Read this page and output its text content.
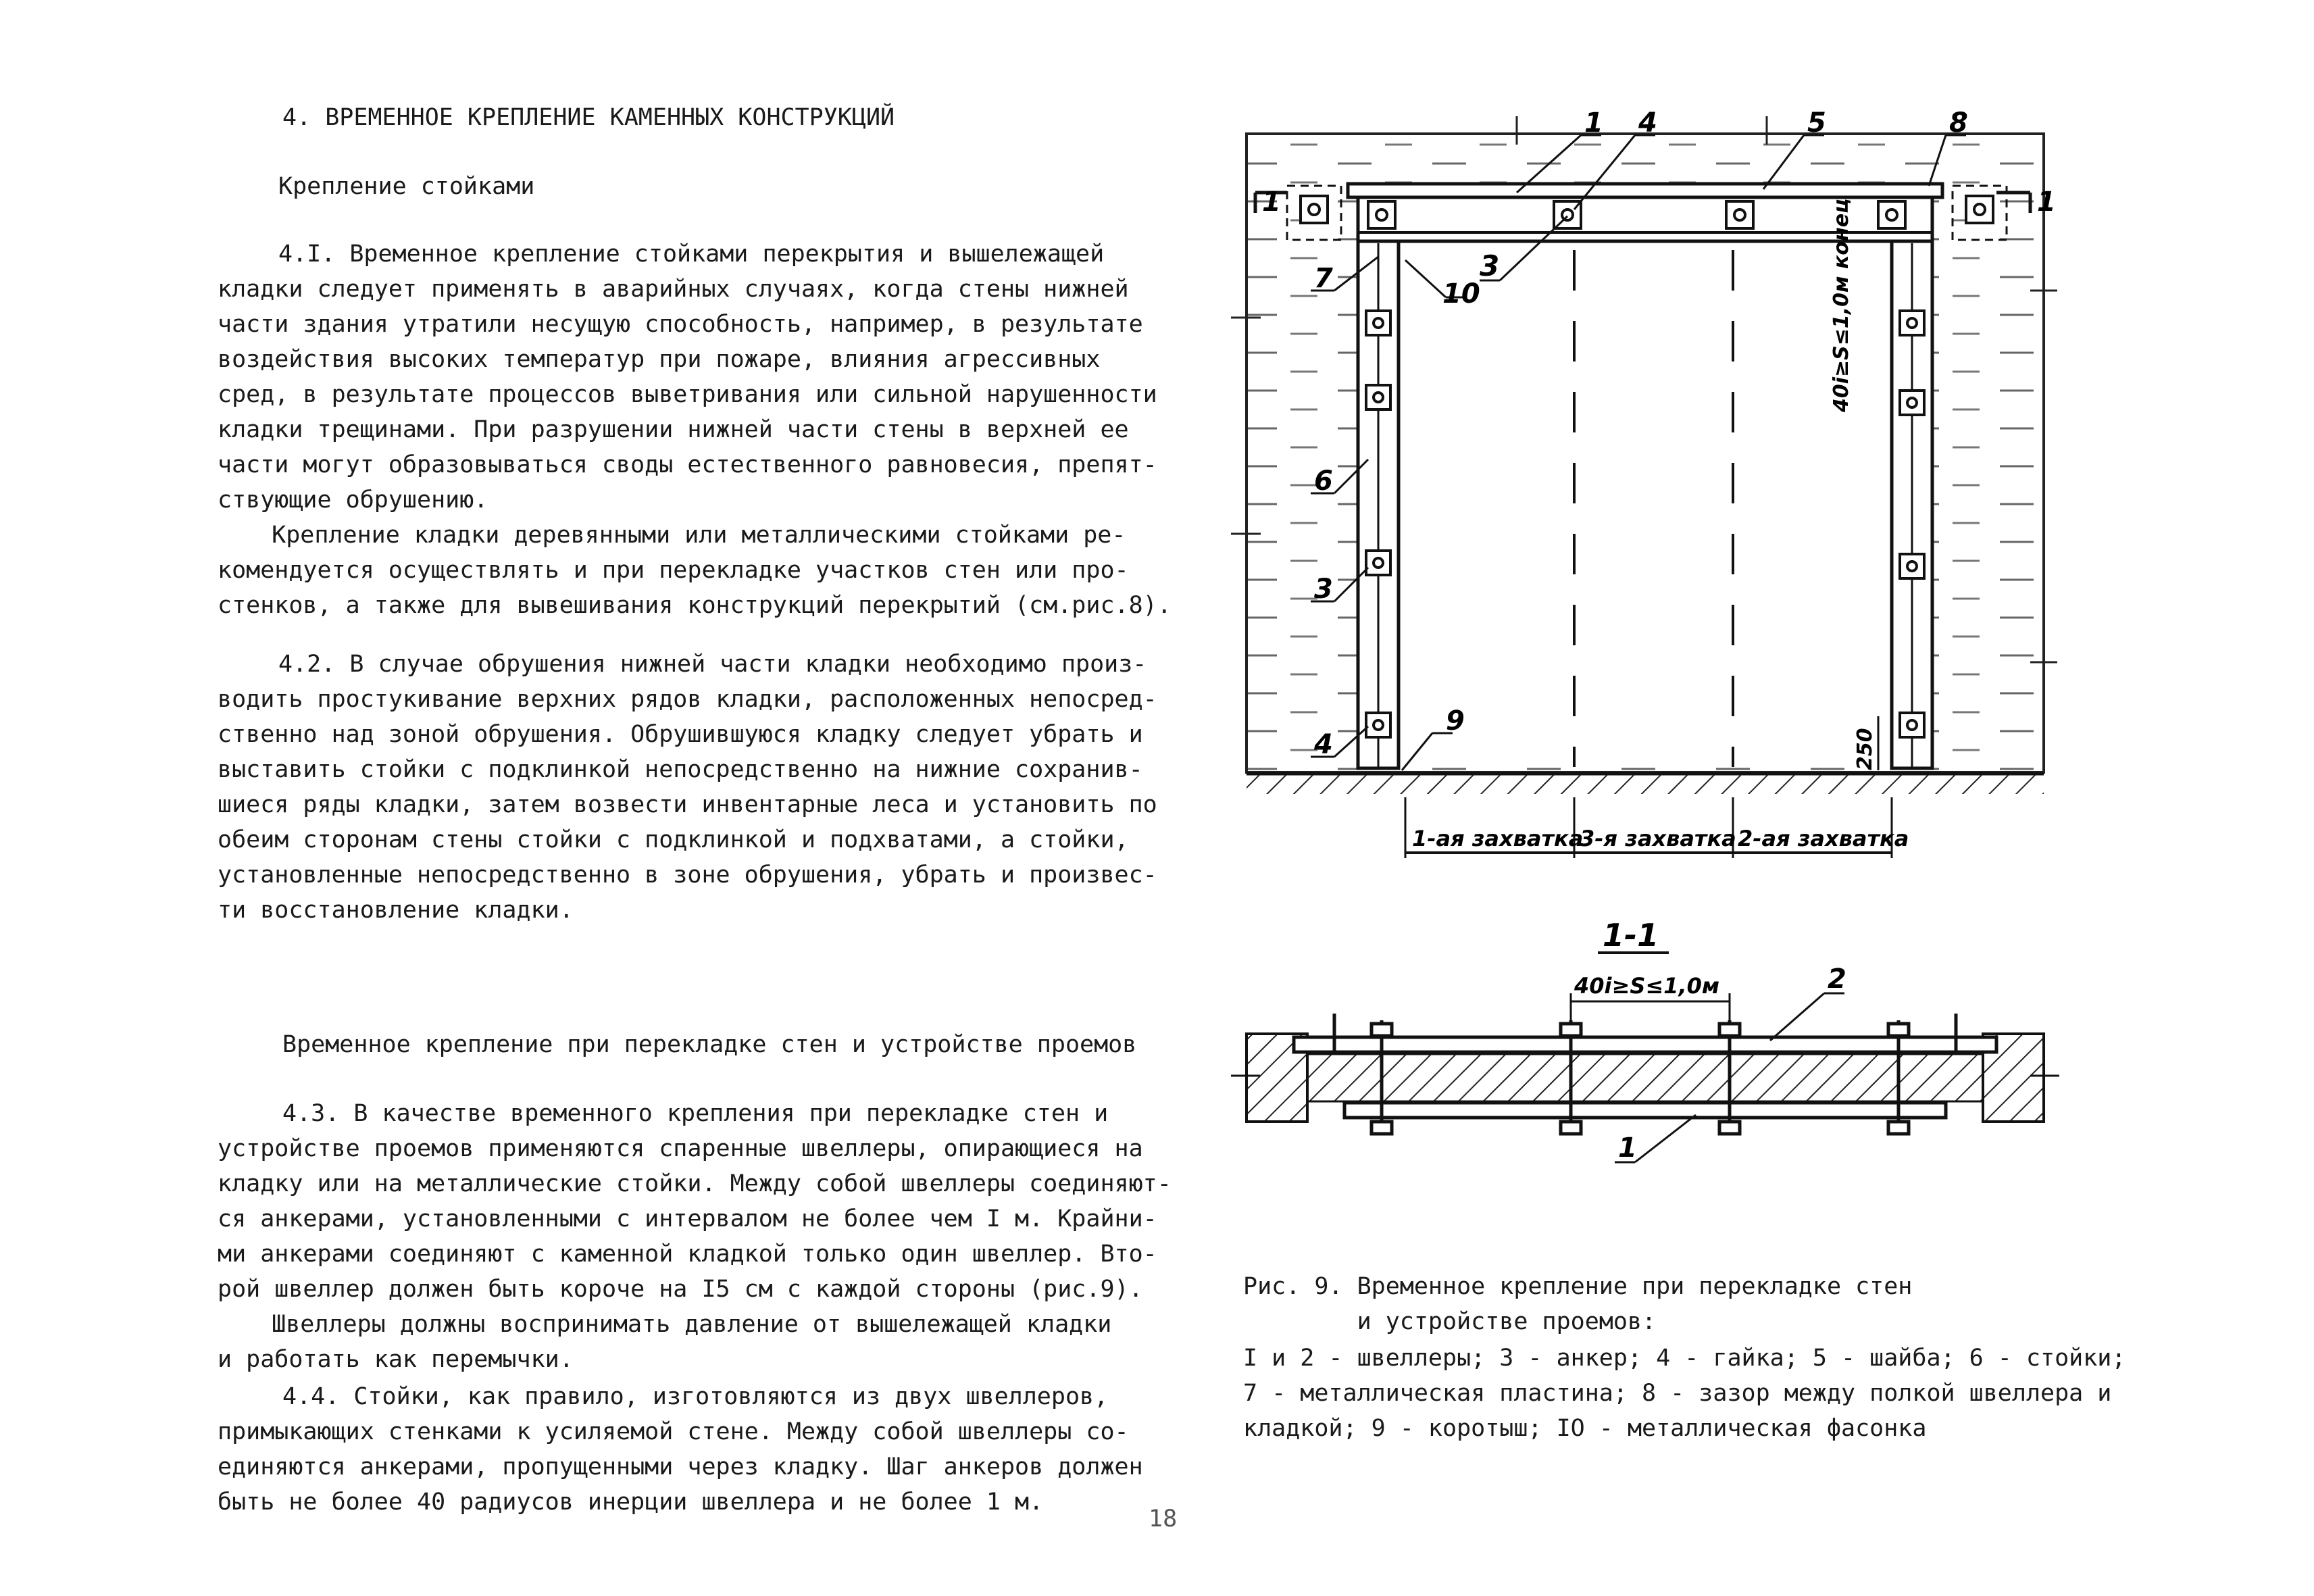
4. ВРЕМЕННОЕ КРЕПЛЕНИЕ КАМЕННЫХ КОНСТРУКЦИЙ
Крепление стойками
4.I. Временное крепление стойками перекрытия и вышележащей
кладки следует применять в аварийных случаях, когда стены нижней
части здания утратили несущую способность, например, в результате
воздействия высоких температур при пожаре, влияния агрессивных
сред, в результате процессов выветривания или сильной нарушенности
кладки трещинами. При разрушении нижней части стены в верхней ее
части могут образовываться своды естественного равновесия, препят-
ствующие обрушению.
Крепление кладки деревянными или металлическими стойками ре-
комендуется осуществлять и при перекладке участков стен или про-
стенков, а также для вывешивания конструкций перекрытий (см.рис.8).
4.2. В случае обрушения нижней части кладки необходимо произ-
водить простукивание верхних рядов кладки, расположенных непосред-
ственно над зоной обрушения. Обрушившуюся кладку следует убрать и
выставить стойки с подклинкой непосредственно на нижние сохранив-
шиеся ряды кладки, затем возвести инвентарные леса и установить по
обеим сторонам стены стойки с подклинкой и подхватами, а стойки,
установленные непосредственно в зоне обрушения, убрать и произвес-
ти восстановление кладки.
Временное крепление при перекладке стен и устройстве проемов
4.3. В качестве временного крепления при перекладке стен и
устройстве проемов применяются спаренные швеллеры, опирающиеся на
кладку или на металлические стойки. Между собой швеллеры соединяют-
ся анкерами, установленными с интервалом не более чем I м. Крайни-
ми анкерами соединяют с каменной кладкой только один швеллер. Вто-
рой швеллер должен быть короче на I5 см с каждой стороны (рис.9).
Швеллеры должны воспринимать давление от вышележащей кладки
и работать как перемычки.
4.4. Стойки, как правило, изготовляются из двух швеллеров,
примыкающих стенками к усиляемой стене. Между собой швеллеры со-
единяются анкерами, пропущенными через кладку. Шаг анкеров должен
быть не более 40 радиусов инерции швеллера и не более 1 м.
18
1	1
1 4	5	8
3
7	10
6
3
4
9
40i≥S≤1,0м конец
250
1-ая захватка
3-я захватка 2-ая захватка
1-1
40i≥S≤1,0м	2
1
Рис. 9. Временное крепление при перекладке стен
и устройстве проемов:
I и 2 - швеллеры; 3 - анкер; 4 - гайка; 5 - шайба; 6 - стойки;
7 - металлическая пластина; 8 - зазор между полкой швеллера и
кладкой; 9 - коротыш; IO - металлическая фасонка
